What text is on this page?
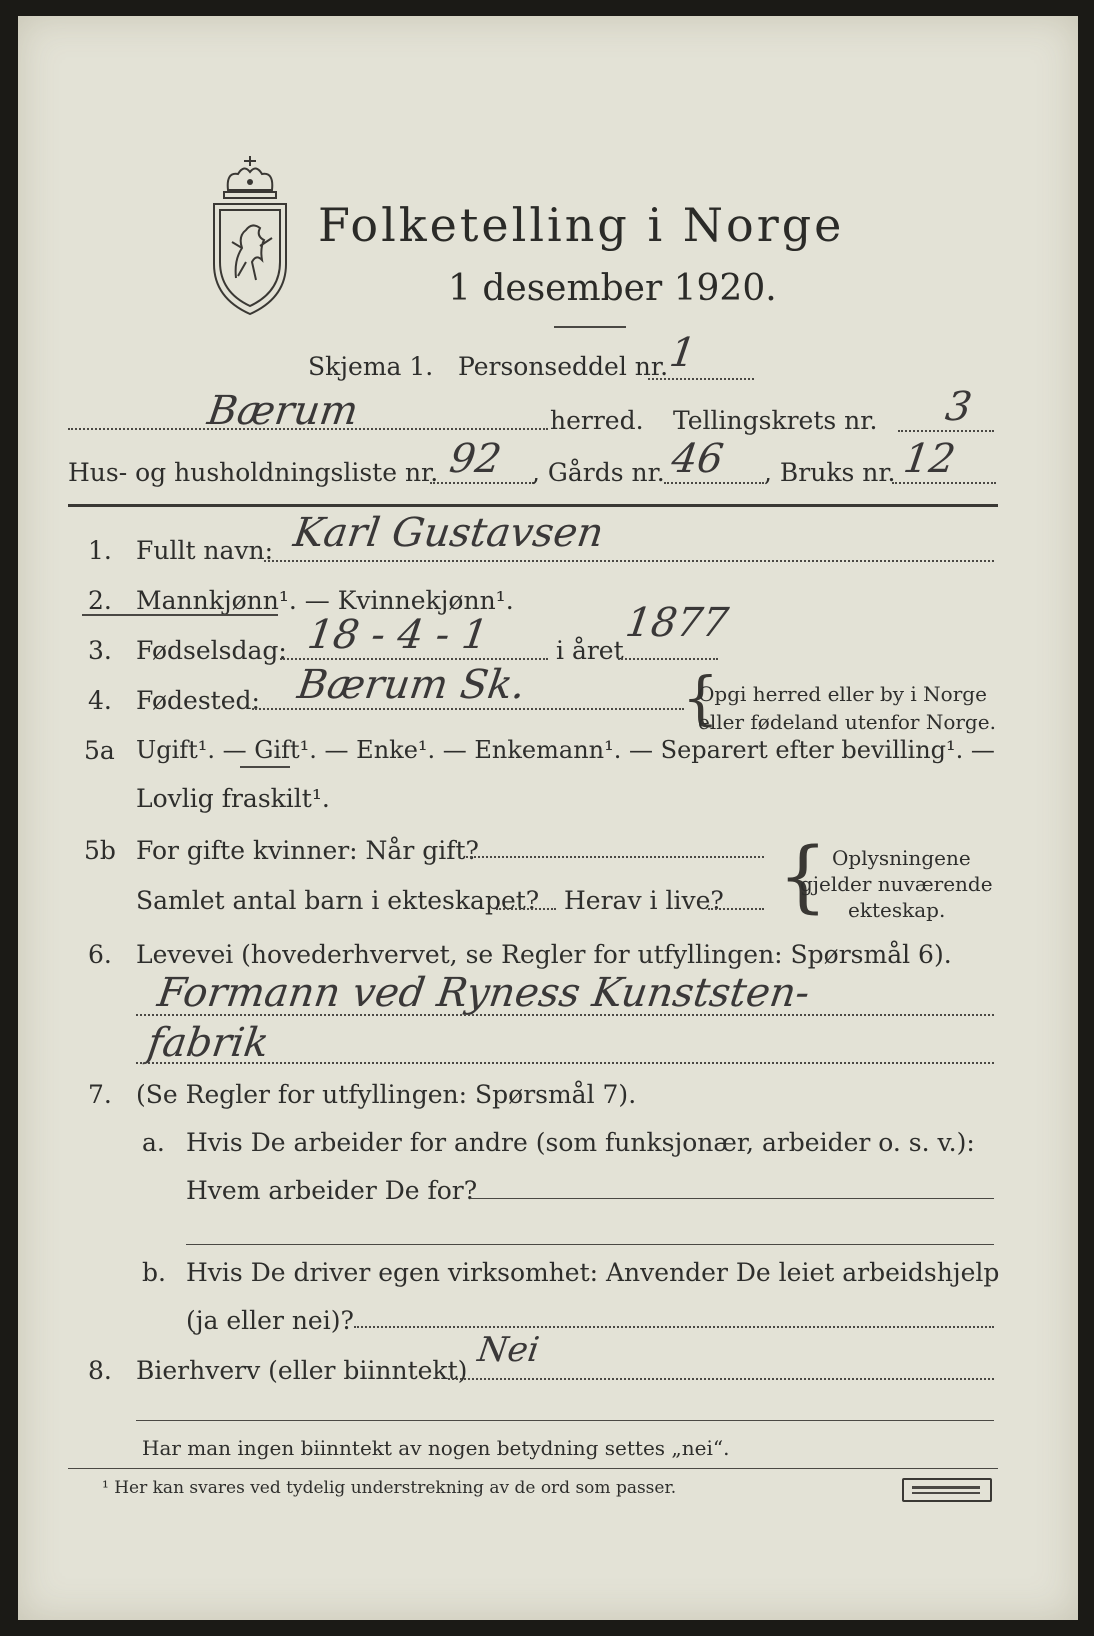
Folketelling i Norge
1 desember 1920.
Skjema 1. Personseddel nr.
1
Bærum	herred. Tellingskrets nr. 3
Hus- og husholdningsliste nr. 92 , Gårds nr. 46 , Bruks nr. 12
1. Fullt navn: Karl Gustavsen
2. Mannkjønn¹. — Kvinnekjønn¹.
3. Fødselsdag: 18 - 4 - 1	i året
1877
4. Fødested: Bærum Sk.	{
Opgi herred eller by i Norge
eller fødeland utenfor Norge.
5a Ugift¹. — Gift¹. — Enke¹. — Enkemann¹. — Separert efter bevilling¹. —
Lovlig fraskilt¹.
5b For gifte kvinner: Når gift?
Samlet antal barn i ekteskapet? Herav i live? { Oplysningene
gjelder nuværende
ekteskap.
6. Levevei (hovederhvervet, se Regler for utfyllingen: Spørsmål 6).
Formann ved Ryness Kunststen-
fabrik
7. (Se Regler for utfyllingen: Spørsmål 7).
a. Hvis De arbeider for andre (som funksjonær, arbeider o. s. v.):
Hvem arbeider De for?
b. Hvis De driver egen virksomhet: Anvender De leiet arbeidshjelp
(ja eller nei)?
8. Bierhverv (eller biinntekt)
Nei
Har man ingen biinntekt av nogen betydning settes „nei“.
¹ Her kan svares ved tydelig understrekning av de ord som passer.
